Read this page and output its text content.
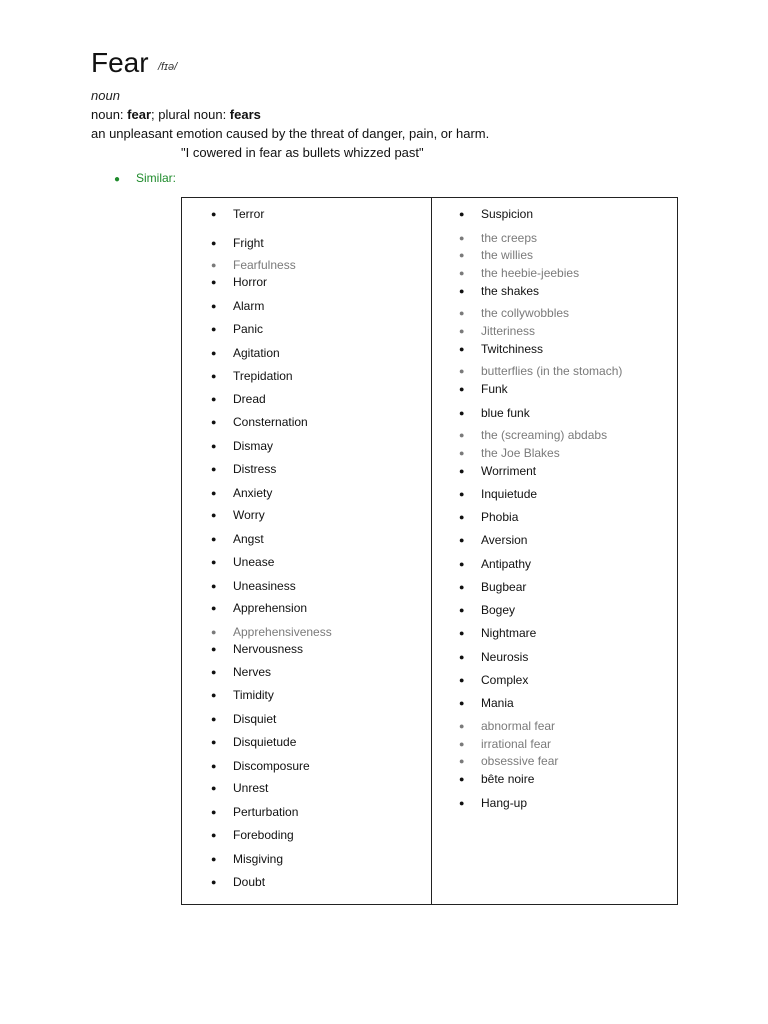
Fear /fɪə/
noun
noun: fear; plural noun: fears
an unpleasant emotion caused by the threat of danger, pain, or harm.
"I cowered in fear as bullets whizzed past"
● Similar:
● Terror
● Fright
● Fearfulness
● Horror
● Alarm
● Panic
● Agitation
● Trepidation
● Dread
● Consternation
● Dismay
● Distress
● Anxiety
● Worry
● Angst
● Unease
● Uneasiness
● Apprehension
● Apprehensiveness
● Nervousness
● Nerves
● Timidity
● Disquiet
● Disquietude
● Discomposure
● Unrest
● Perturbation
● Foreboding
● Misgiving
● Doubt
● Suspicion
● the creeps
● the willies
● the heebie-jeebies
● the shakes
● the collywobbles
● Jitteriness
● Twitchiness
● butterflies (in the stomach)
● Funk
● blue funk
● the (screaming) abdabs
● the Joe Blakes
● Worriment
● Inquietude
● Phobia
● Aversion
● Antipathy
● Bugbear
● Bogey
● Nightmare
● Neurosis
● Complex
● Mania
● abnormal fear
● irrational fear
● obsessive fear
● bête noire
● Hang-up
